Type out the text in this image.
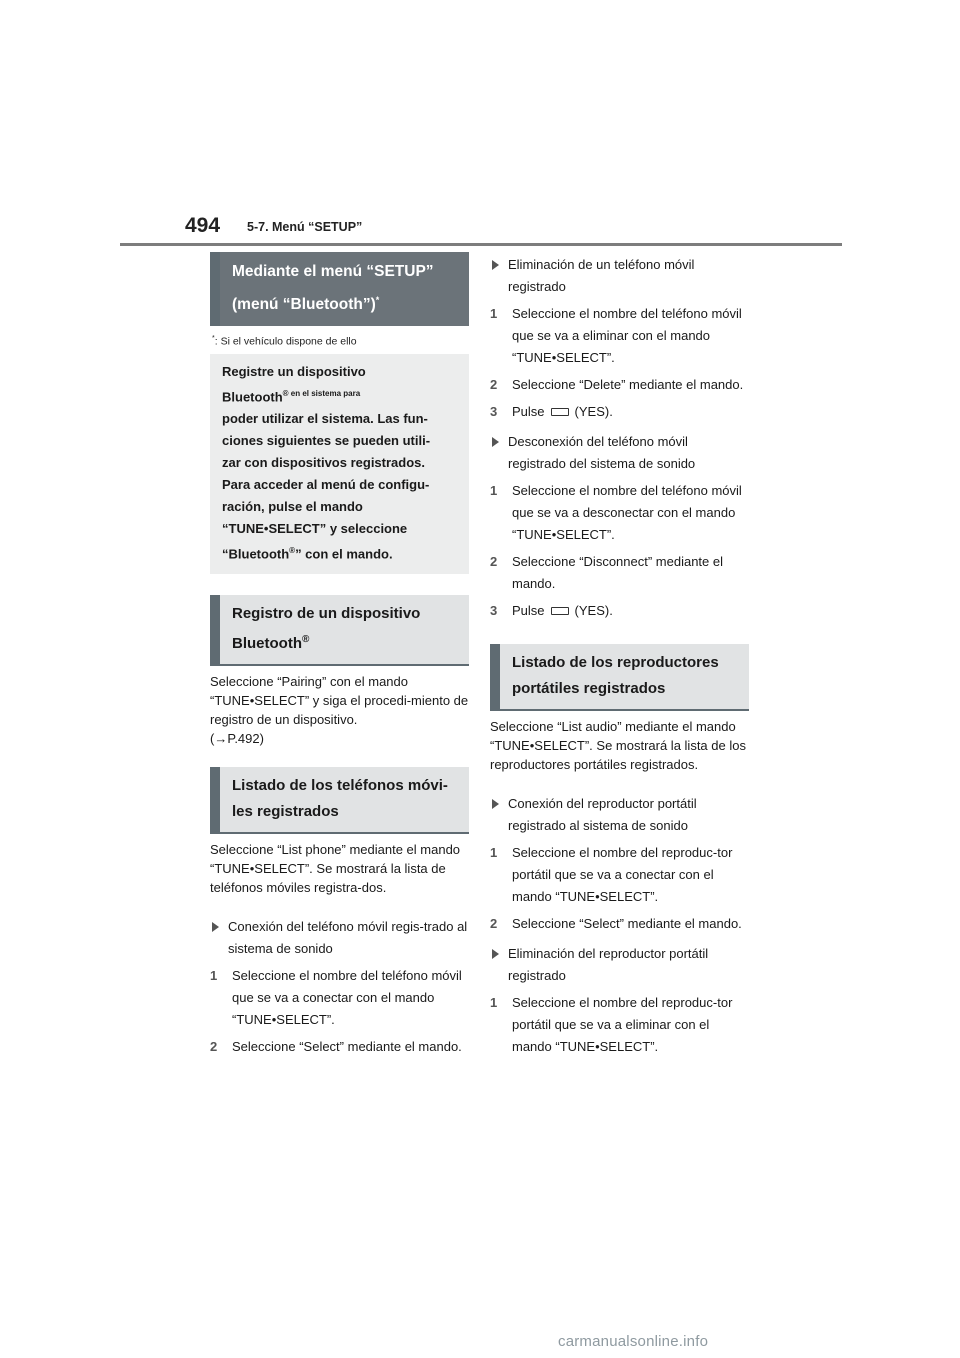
494 5-7. Menú “SETUP”
Mediante el menú “SETUP”
(menú “Bluetooth”)*
*: Si el vehículo dispone de ello

Registre un dispositivo

Bluetooth$^{® en el sistema para}$

poder utilizar el sistema. Las fun-

ciones siguientes se pueden utili-

zar con dispositivos registrados.

Para acceder al menú de configu-

ración, pulse el mando

“TUNE•SELECT” y seleccione

“Bluetooth®” con el mando.

Registro de un dispositivo
Bluetooth®

Seleccione “Pairing” con el mando “TUNE•SELECT” y siga el procedi-miento de registro de un dispositivo.
(→P.492)

Listado de los teléfonos móvi-les registrados

Seleccione “List phone” mediante el mando “TUNE•SELECT”. Se mostrará la lista de teléfonos móviles registra-dos.

Conexión del teléfono móvil regis-trado al sistema de sonido
1 Seleccione el nombre del teléfono móvil que se va a conectar con el mando “TUNE•SELECT”.
2 Seleccione “Select” mediante el mando.
Eliminación de un teléfono móvil registrado
1 Seleccione el nombre del teléfono móvil que se va a eliminar con el mando “TUNE•SELECT”.
2 Seleccione “Delete” mediante el mando.
3 Pulse (YES).
Desconexión del teléfono móvil registrado del sistema de sonido
1 Seleccione el nombre del teléfono móvil que se va a desconectar con el mando “TUNE•SELECT”.
2 Seleccione “Disconnect” mediante el mando.
3 Pulse (YES).
Listado de los reproductores portátiles registrados

Seleccione “List audio” mediante el mando “TUNE•SELECT”. Se mostrará la lista de los reproductores portátiles registrados.

Conexión del reproductor portátil registrado al sistema de sonido
1 Seleccione el nombre del reproduc-tor portátil que se va a conectar con el mando “TUNE•SELECT”.
2 Seleccione “Select” mediante el mando.
Eliminación del reproductor portátil registrado
1 Seleccione el nombre del reproduc-tor portátil que se va a eliminar con el mando “TUNE•SELECT”.
carmanualsonline.info
